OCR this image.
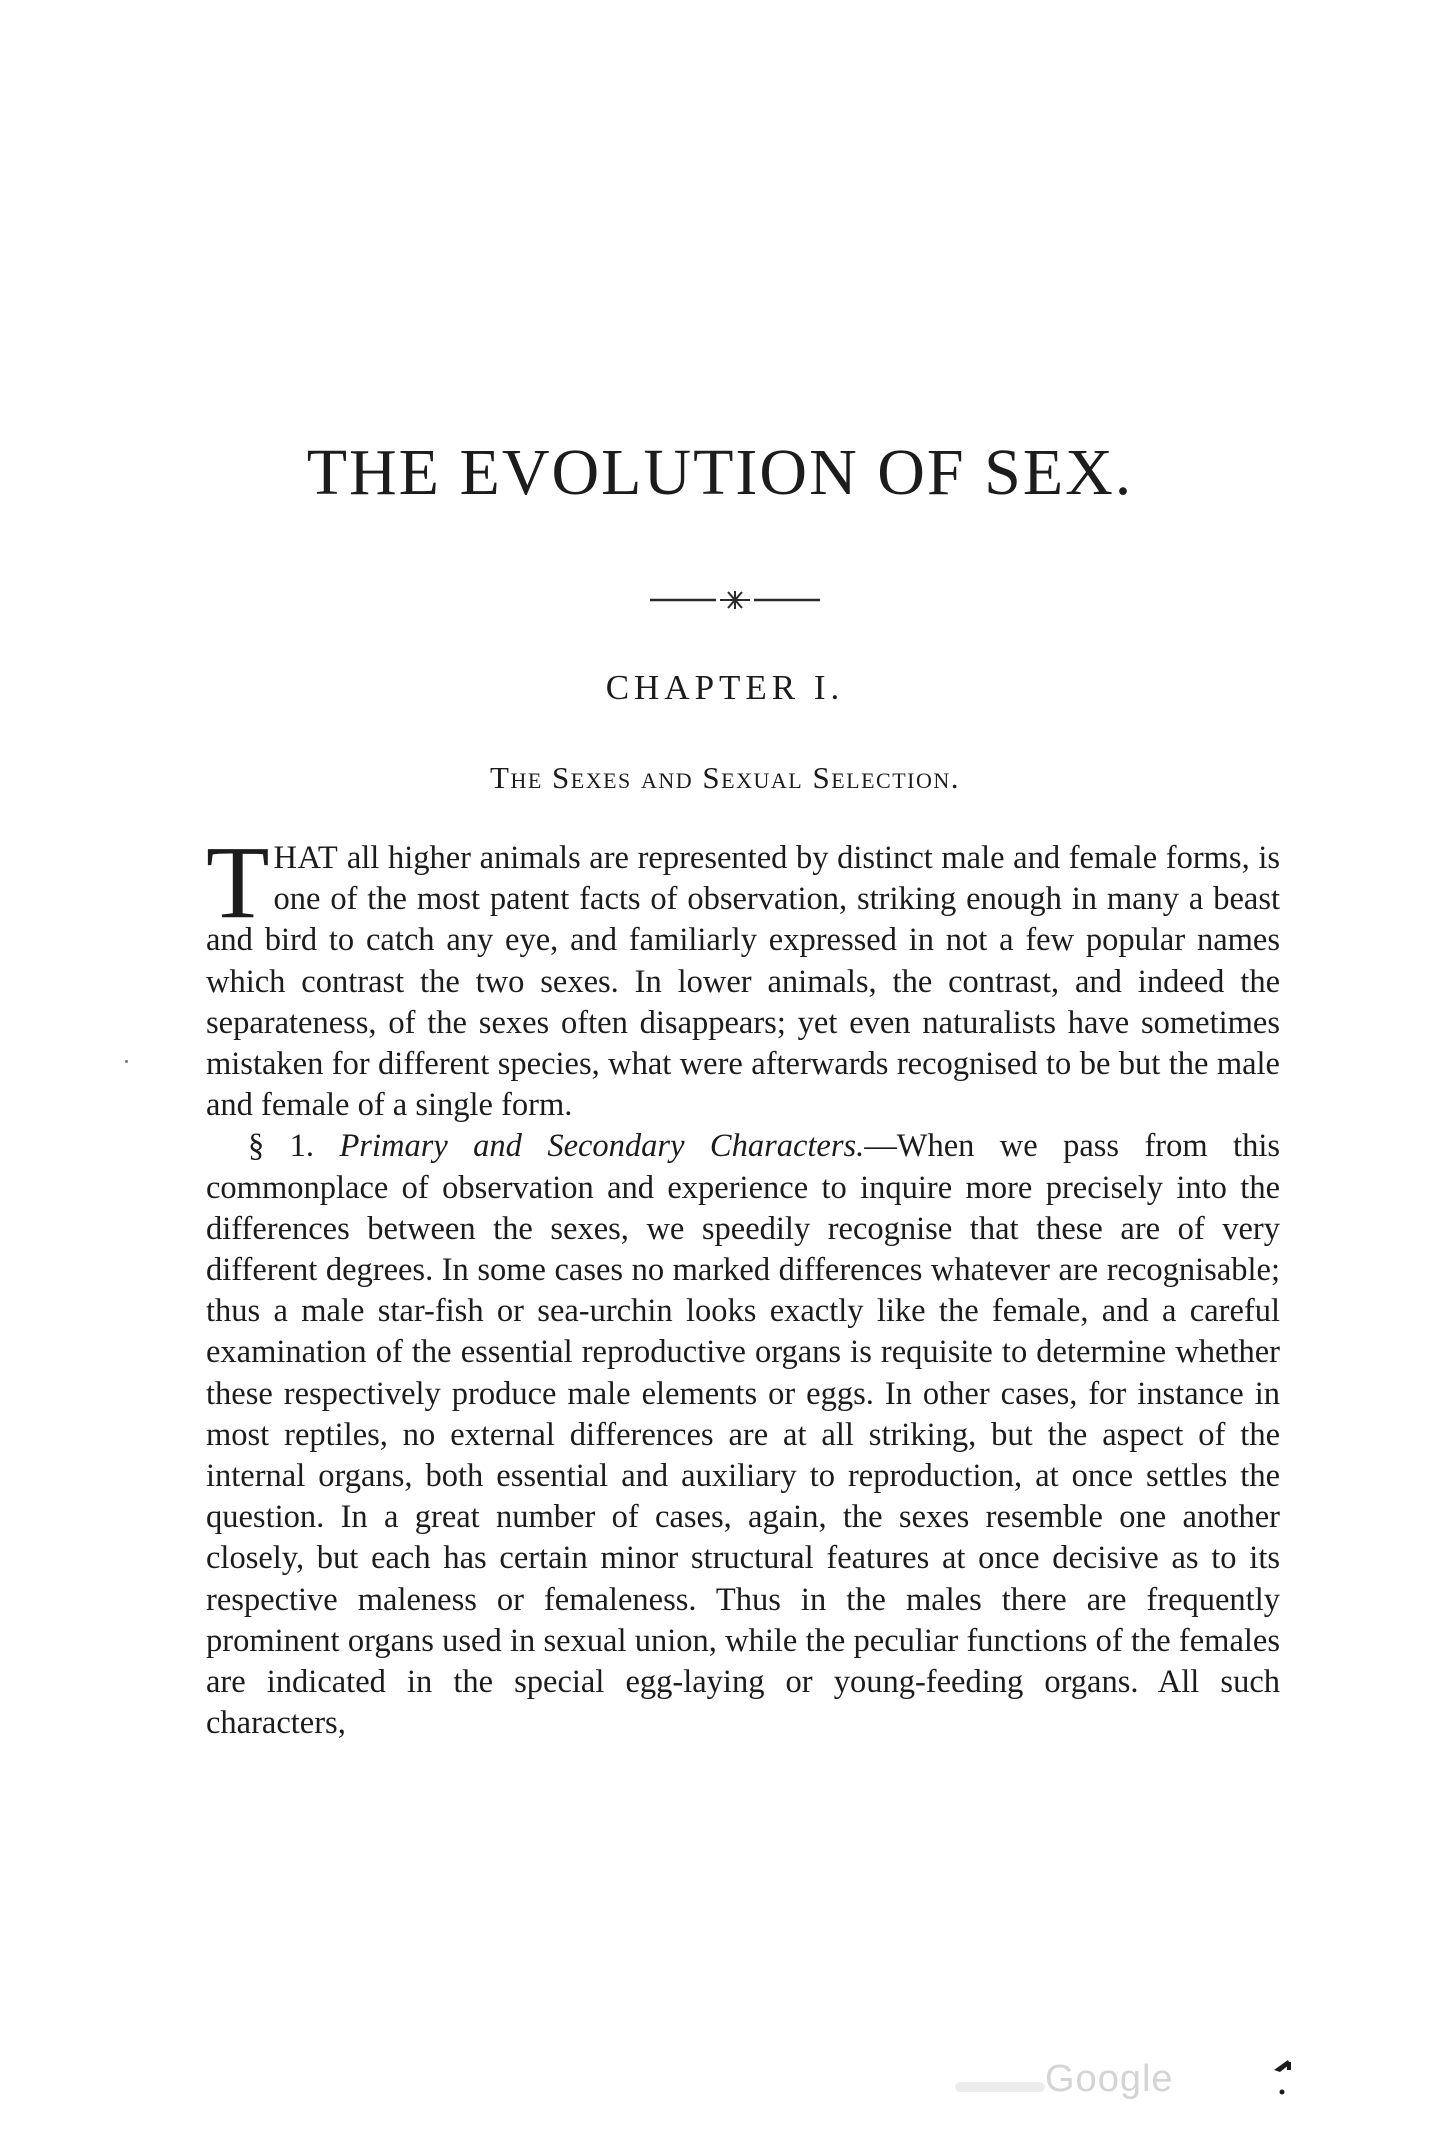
THE EVOLUTION OF SEX.
CHAPTER I.
The Sexes and Sexual Selection.

THAT all higher animals are represented by distinct male and female forms, is one of the most patent facts of observation, striking enough in many a beast and bird to catch any eye, and familiarly expressed in not a few popular names which contrast the two sexes. In lower animals, the contrast, and indeed the separateness, of the sexes often disappears; yet even naturalists have sometimes mistaken for different species, what were afterwards recognised to be but the male and female of a single form.

§ 1. Primary and Secondary Characters.—When we pass from this commonplace of observation and experience to inquire more precisely into the differences between the sexes, we speedily recognise that these are of very different degrees. In some cases no marked differences whatever are recognisable; thus a male star-fish or sea-urchin looks exactly like the female, and a careful examination of the essential reproductive organs is requisite to determine whether these respectively produce male elements or eggs. In other cases, for instance in most reptiles, no external differences are at all striking, but the aspect of the internal organs, both essential and auxiliary to reproduction, at once settles the question. In a great number of cases, again, the sexes resemble one another closely, but each has certain minor structural features at once decisive as to its respective maleness or femaleness. Thus in the males there are frequently prominent organs used in sexual union, while the peculiar functions of the females are indicated in the special egg-laying or young-feeding organs. All such characters,

Google
